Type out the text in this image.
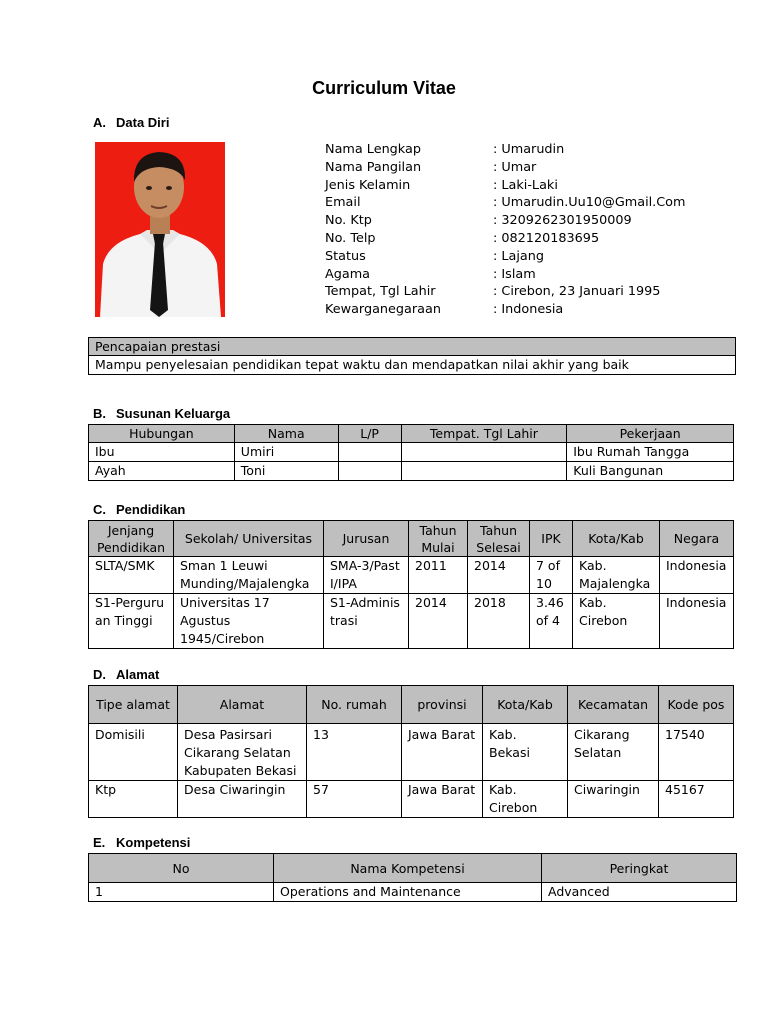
Curriculum Vitae
A. Data Diri
Nama Lengkap	: Umarudin
Nama Pangilan	: Umar
Jenis Kelamin	: Laki-Laki
Email	: Umarudin.Uu10@Gmail.Com
No. Ktp	: 3209262301950009
No. Telp	: 082120183695
Status	: Lajang
Agama	: Islam
Tempat, Tgl Lahir	: Cirebon, 23 Januari 1995
Kewarganegaraan	: Indonesia
Pencapaian prestasi
Mampu penyelesaian pendidikan tepat waktu dan mendapatkan nilai akhir yang baik
B. Susunan Keluarga
Hubungan	Nama	L/P	Tempat. Tgl Lahir	Pekerjaan
Ibu	Umiri			Ibu Rumah Tangga
Ayah	Toni			Kuli Bangunan
C. Pendidikan
Jenjang Pendidikan	Sekolah/ Universitas	Jurusan	Tahun Mulai	Tahun Selesai	IPK	Kota/Kab	Negara
SLTA/SMK	Sman 1 Leuwi Munding/Majalengka	SMA-3/PastI/IPA	2011	2014	7 of 10	Kab. Majalengka	Indonesia
S1-Perguruan Tinggi	Universitas 17 Agustus 1945/Cirebon	S1-Administrasi	2014	2018	3.46 of 4	Kab. Cirebon	Indonesia
D. Alamat
Tipe alamat	Alamat	No. rumah	provinsi	Kota/Kab	Kecamatan	Kode pos
Domisili	Desa Pasirsari Cikarang Selatan Kabupaten Bekasi	13	Jawa Barat	Kab. Bekasi	Cikarang Selatan	17540
Ktp	Desa Ciwaringin	57	Jawa Barat	Kab. Cirebon	Ciwaringin	45167
E. Kompetensi
No	Nama Kompetensi	Peringkat
1	Operations and Maintenance	Advanced
